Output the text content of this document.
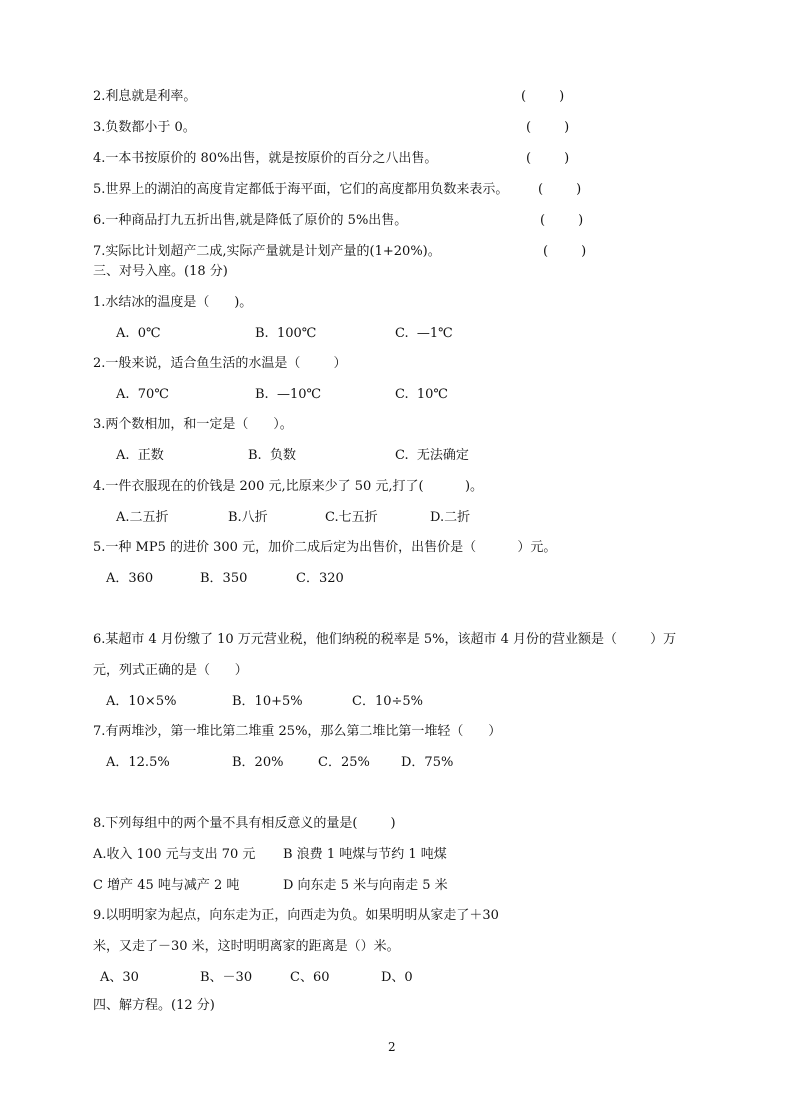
2.利息就是利率。	(        )
3.负数都小于 0。	(        )
4.一本书按原价的 80%出售，就是按原价的百分之八出售。	(        )
5.世界上的湖泊的高度肯定都低于海平面，它们的高度都用负数来表示。 (        )
6.一种商品打九五折出售,就是降低了原价的 5%出售。	(        )
7.实际比计划超产二成,实际产量就是计划产量的(1+20%)。	(        )
三、对号入座。(18 分)
1.水结冰的温度是（      )。
A.  0℃	B.  100℃	C.  —1℃
2.一般来说，适合鱼生活的水温是（        ）
A.  70℃	B.  —10℃	C.  10℃
3.两个数相加，和一定是（      ）。
A.  正数	B.  负数	C.  无法确定
4.一件衣服现在的价钱是 200 元,比原来少了 50 元,打了(          )。
A.二五折	B.八折	C.七五折	D.二折
5.一种 MP5 的进价 300 元，加价二成后定为出售价，出售价是（          ）元。
A．360	B．350	C．320
6.某超市 4 月份缴了 10 万元营业税，他们纳税的税率是 5%，该超市 4 月份的营业额是（        ）万
元，列式正确的是（      ）
A．10×5%	B．10+5%	C．10÷5%
7.有两堆沙，第一堆比第二堆重 25%，那么第二堆比第一堆轻（      ）
A．12.5%	B．20%	C．25% D．75%
8.下列每组中的两个量不具有相反意义的量是(        )
A.收入 100 元与支出 70 元 B 浪费 1 吨煤与节约 1 吨煤
C 增产 45 吨与减产 2 吨	D 向东走 5 米与向南走 5 米
9.以明明家为起点，向东走为正，向西走为负。如果明明从家走了＋30
米，又走了－30 米，这时明明离家的距离是（）米。
A、30	B、－30	C、60	D、0
四、解方程。(12 分)
2
